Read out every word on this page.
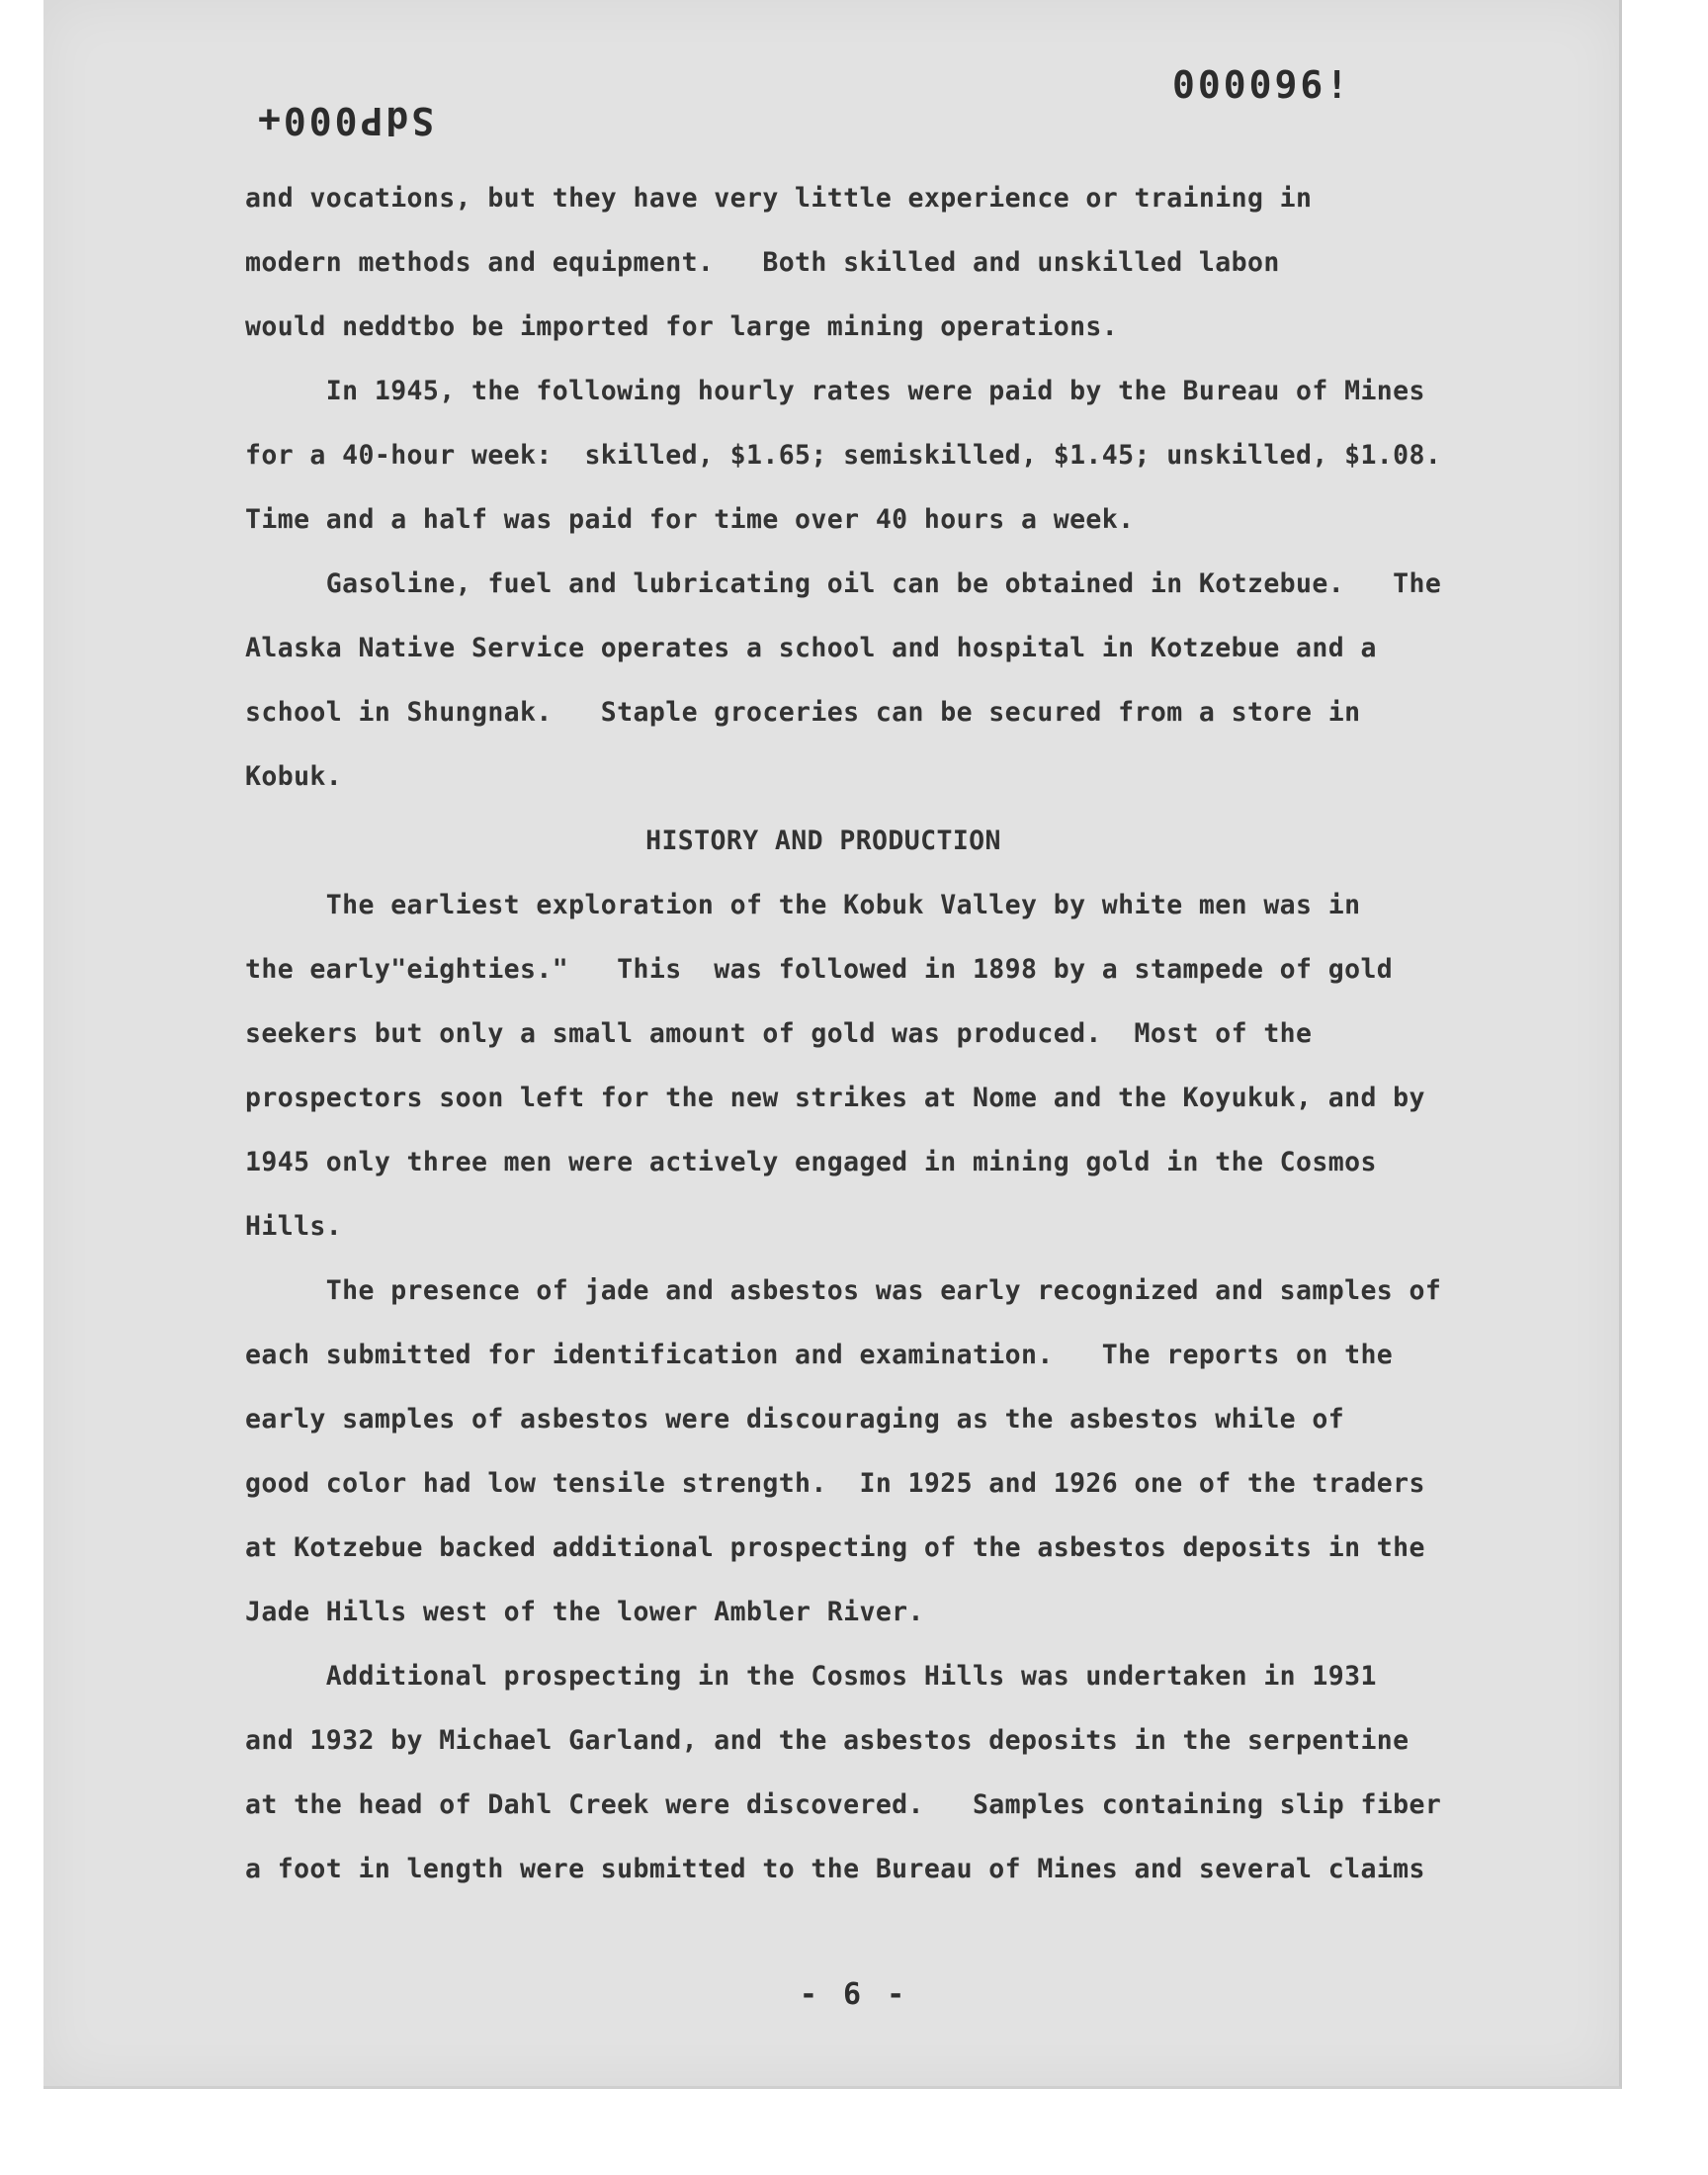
SdP000+
000096!
and vocations, but they have very little experience or training in
modern methods and equipment.   Both skilled and unskilled labon
would neddtbo be imported for large mining operations.
In 1945, the following hourly rates were paid by the Bureau of Mines
for a 40-hour week:  skilled, $1.65; semiskilled, $1.45; unskilled, $1.08.
Time and a half was paid for time over 40 hours a week.
Gasoline, fuel and lubricating oil can be obtained in Kotzebue.   The
Alaska Native Service operates a school and hospital in Kotzebue and a
school in Shungnak.   Staple groceries can be secured from a store in
Kobuk.
HISTORY AND PRODUCTION
The earliest exploration of the Kobuk Valley by white men was in
the early"eighties."   This  was followed in 1898 by a stampede of gold
seekers but only a small amount of gold was produced.  Most of the
prospectors soon left for the new strikes at Nome and the Koyukuk, and by
1945 only three men were actively engaged in mining gold in the Cosmos
Hills.
The presence of jade and asbestos was early recognized and samples of
each submitted for identification and examination.   The reports on the
early samples of asbestos were discouraging as the asbestos while of
good color had low tensile strength.  In 1925 and 1926 one of the traders
at Kotzebue backed additional prospecting of the asbestos deposits in the
Jade Hills west of the lower Ambler River.
Additional prospecting in the Cosmos Hills was undertaken in 1931
and 1932 by Michael Garland, and the asbestos deposits in the serpentine
at the head of Dahl Creek were discovered.   Samples containing slip fiber
a foot in length were submitted to the Bureau of Mines and several claims
- 6 -
